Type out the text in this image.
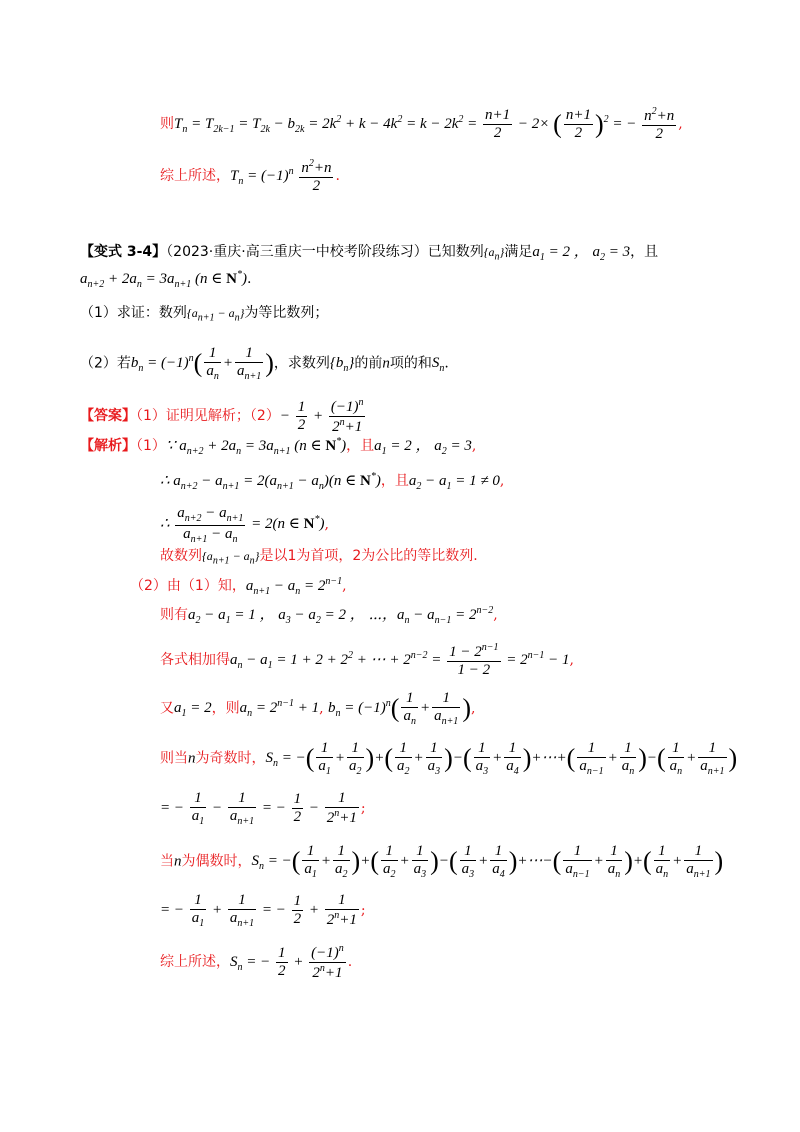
则$T_n = T_{2k-1} = T_{2k} - b_{2k} = 2k^2 + k - 4k^2 = k - 2k^2 = \frac{n+1}{2} - 2\times$ ( $\frac{n+1}{2} )^2$ = − $\frac{n^2+n}{2}$ ,
综上所述，$T_n = (-1)^n \frac{n^2+n}{2}$ .
【变式 3-4】（2023·重庆·高三重庆一中校考阶段练习）已知数列$\{a_n\}$满足$a_1 = 2$ ， $a_2 = 3$，且
$a_{n+2} + 2a_n = 3a_{n+1}$ (n ∈ N*).
（1）求证：数列$\{a_{n+1} - a_n\}$为等比数列；
（2）若$b_n = (-1)^n( \frac{1}{a_n} + \frac{1}{a_{n+1}}$ )，求数列$\{b_n\}$的前n项的和$S_n$.
【答案】（1）证明见解析；$(2)- \frac{1}{2} + \frac{(-1)^n}{2^n+1}$
【解析】（1）∵ $a_{n+2} + 2a_n = 3a_{n+1}$ (n ∈ N*)，且$a_1 = 2$ ， $a_2 = 3$,
∴ $a_{n+2} - a_{n+1} = 2(a_{n+1} - a_n)(n$ ∈ N*)，且$a_2 - a_1 = 1 \ne 0$,
∴ $\frac{a_{n+2} - a_{n+1}}{a_{n+1} - a_n} = 2(n$ ∈ N*),
故数列$\{a_{n+1} - a_n\}$是以1为首项，2为公比的等比数列.
（2）由（1）知，$a_{n+1} - a_n = 2^{n-1}$,
则有$a_2 - a_1 = 1$ ， $a_3 - a_2 = 2$ ， ⋯，$a_n - a_{n-1} = 2^{n-2}$,
各式相加得$a_n - a_1 = 1 + 2 + 2^2$ + ⋯ + $2^{n-2} = \frac{1 - 2^{n-1}}{1 - 2} = 2^{n-1} - 1$,
又$a_1 = 2$，则$a_n = 2^{n-1} + 1$, $b_n = (-1)^n( \frac{1}{a_n} + \frac{1}{a_{n+1}}$ ),
则当n为奇数时，$S_n$ = −( $\frac{1}{a_1} + \frac{1}{a_2}$ )+( $\frac{1}{a_2} + \frac{1}{a_3}$ )−( $\frac{1}{a_3} + \frac{1}{a_4}$ )+⋯+( $\frac{1}{a_{n-1}} + \frac{1}{a_n}$ )−( $\frac{1}{a_n} + \frac{1}{a_{n+1}}$ )
= − $\frac{1}{a_1} - \frac{1}{a_{n+1}}$ = − $\frac{1}{2} - \frac{1}{2^n+1}$ ;
当n为偶数时，$S_n$ = −( $\frac{1}{a_1} + \frac{1}{a_2}$ )+( $\frac{1}{a_2} + \frac{1}{a_3}$ )−( $\frac{1}{a_3} + \frac{1}{a_4}$ )+⋯−( $\frac{1}{a_{n-1}} + \frac{1}{a_n}$ )+( $\frac{1}{a_n} + \frac{1}{a_{n+1}}$ )
= − $\frac{1}{a_1} + \frac{1}{a_{n+1}}$ = − $\frac{1}{2} + \frac{1}{2^n+1}$ ;
综上所述，$S_n$ = − $\frac{1}{2} + \frac{(-1)^n}{2^n+1}$ .
